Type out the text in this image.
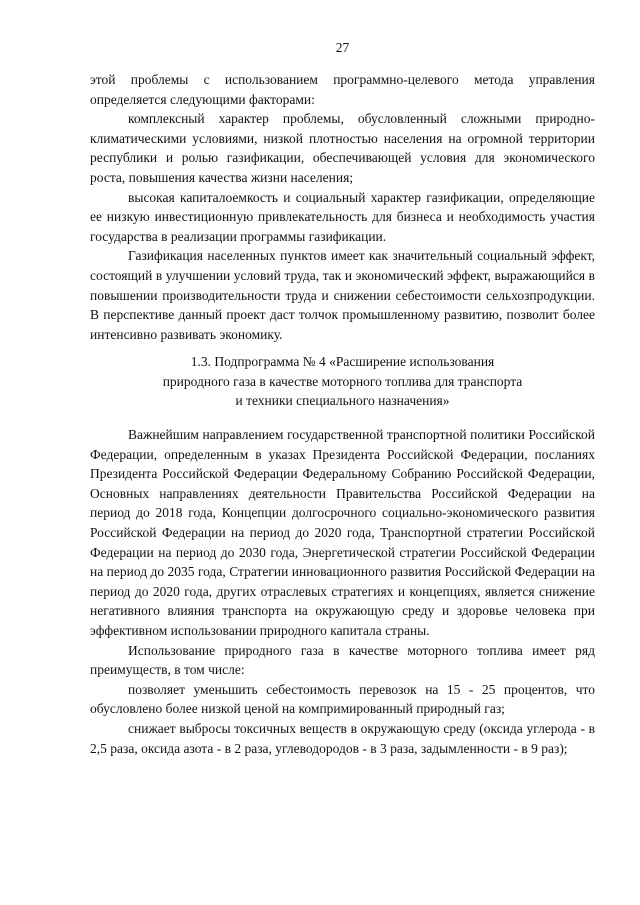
27

этой проблемы с использованием программно-целевого метода управления определяется следующими факторами:

комплексный характер проблемы, обусловленный сложными природно-климатическими условиями, низкой плотностью населения на огромной территории республики и ролью газификации, обеспечивающей условия для экономического роста, повышения качества жизни населения;

высокая капиталоемкость и социальный характер газификации, определяющие ее низкую инвестиционную привлекательность для бизнеса и необходимость участия государства в реализации программы газификации.

Газификация населенных пунктов имеет как значительный социальный эффект, состоящий в улучшении условий труда, так и экономический эффект, выражающийся в повышении производительности труда и снижении себестоимости сельхозпродукции. В перспективе данный проект даст толчок промышленному развитию, позволит более интенсивно развивать экономику.

1.3. Подпрограмма № 4 «Расширение использования
природного газа в качестве моторного топлива для транспорта
и техники специального назначения»

Важнейшим направлением государственной транспортной политики Российской Федерации, определенным в указах Президента Российской Федерации, посланиях Президента Российской Федерации Федеральному Собранию Российской Федерации, Основных направлениях деятельности Правительства Российской Федерации на период до 2018 года, Концепции долгосрочного социально-экономического развития Российской Федерации на период до 2020 года, Транспортной стратегии Российской Федерации на период до 2030 года, Энергетической стратегии Российской Федерации на период до 2035 года, Стратегии инновационного развития Российской Федерации на период до 2020 года, других отраслевых стратегиях и концепциях, является снижение негативного влияния транспорта на окружающую среду и здоровье человека при эффективном использовании природного капитала страны.

Использование природного газа в качестве моторного топлива имеет ряд преимуществ, в том числе:

позволяет уменьшить себестоимость перевозок на 15 - 25 процентов, что обусловлено более низкой ценой на компримированный природный газ;

снижает выбросы токсичных веществ в окружающую среду (оксида углерода - в 2,5 раза, оксида азота - в 2 раза, углеводородов - в 3 раза, задымленности - в 9 раз);
